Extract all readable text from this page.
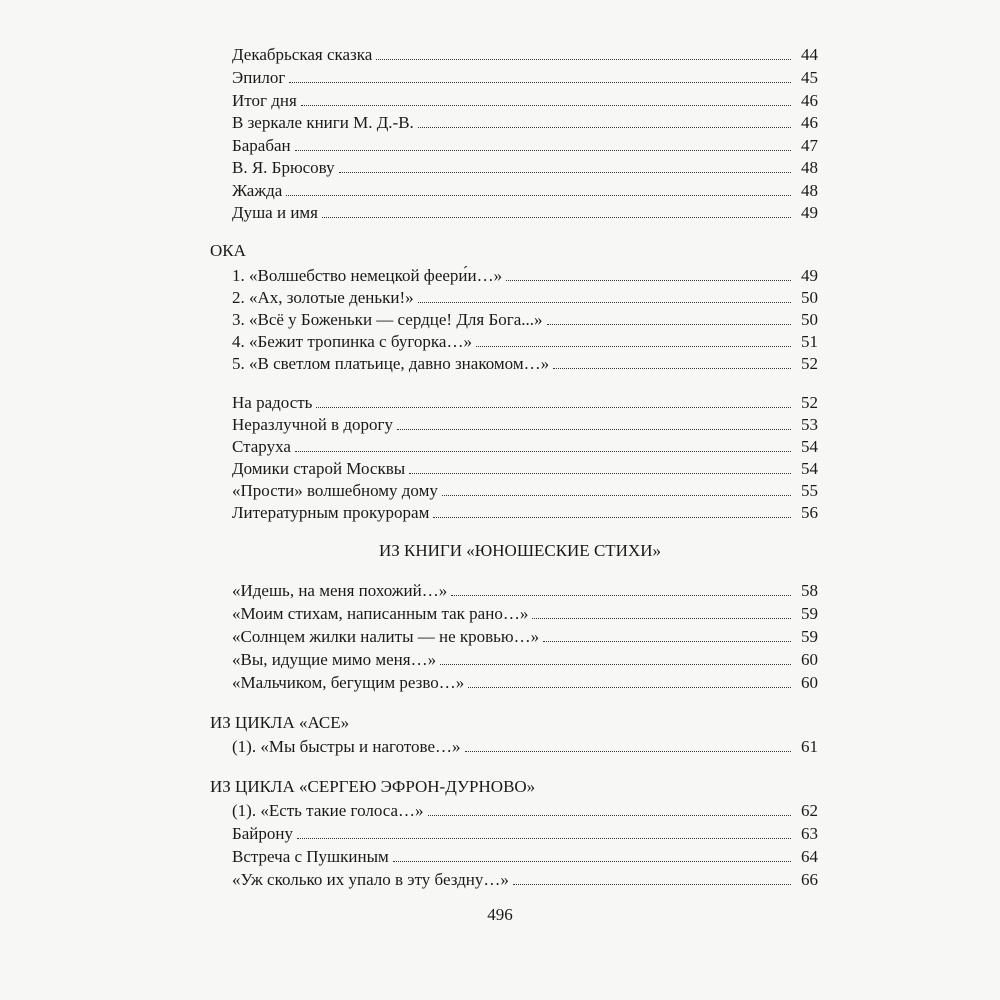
Декабрьская сказка	44
Эпилог	45
Итог дня	46
В зеркале книги М. Д.-В.	46
Барабан	47
В. Я. Брюсову	48
Жажда	48
Душа и имя	49
ОКА
1. «Волшебство немецкой феери́и…»	49
2. «Ах, золотые деньки!»	50
3. «Всё у Боженьки — сердце! Для Бога...»	50
4. «Бежит тропинка с бугорка…»	51
5. «В светлом платьице, давно знакомом…»	52
На радость	52
Неразлучной в дорогу	53
Старуха	54
Домики старой Москвы	54
«Прости» волшебному дому	55
Литературным прокурорам	56
ИЗ КНИГИ «ЮНОШЕСКИЕ СТИХИ»
«Идешь, на меня похожий…»	58
«Моим стихам, написанным так рано…»	59
«Солнцем жилки налиты — не кровью…»	59
«Вы, идущие мимо меня…»	60
«Мальчиком, бегущим резво…»	60
ИЗ ЦИКЛА «АСЕ»
(1). «Мы быстры и наготове…»	61
ИЗ ЦИКЛА «СЕРГЕЮ ЭФРОН-ДУРНОВО»
(1). «Есть такие голоса…»	62
Байрону	63
Встреча с Пушкиным	64
«Уж сколько их упало в эту бездну…»	66
496
